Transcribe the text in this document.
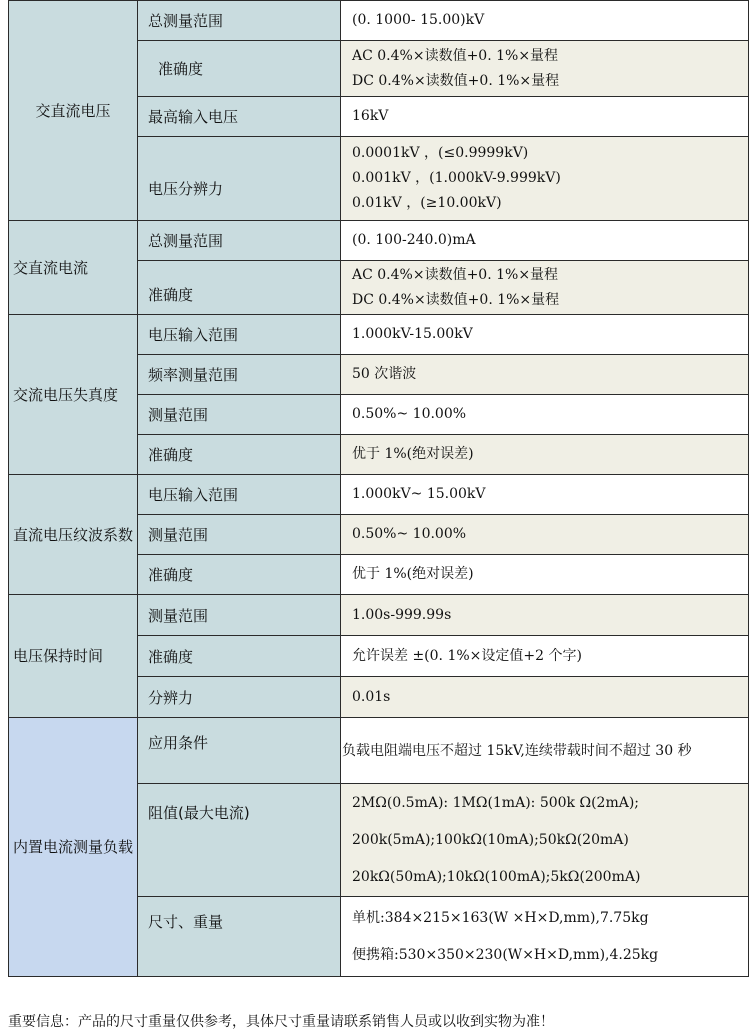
交直流电压	总测量范围	(0. 1000- 15.00)kV

	准确度	AC 0.4%×读数值+0. 1%×量程
DC 0.4%×读数值+0. 1%×量程

	最高输入电压	16kV

	电压分辨力	0.0001kV ，(≤0.9999kV)
0.001kV ，(1.000kV-9.999kV)
0.01kV ，(≥10.00kV)

交直流电流	总测量范围	(0. 100-240.0)mA

	准确度	AC 0.4%×读数值+0. 1%×量程
DC 0.4%×读数值+0. 1%×量程

交流电压失真度	电压输入范围	1.000kV-15.00kV

	频率测量范围	50 次谐波

	测量范围	0.50%~ 10.00%

	准确度	优于 1%(绝对误差)

直流电压纹波系数	电压输入范围	1.000kV~ 15.00kV

	测量范围	0.50%~ 10.00%

	准确度	优于 1%(绝对误差)

电压保持时间	测量范围	1.00s-999.99s

	准确度	允许误差 ±(0. 1%×设定值+2 个字)

	分辨力	0.01s

内置电流测量负载	应用条件	负载电阻端电压不超过 15kV,连续带载时间不超过 30 秒

	阻值(最大电流)	2MΩ(0.5mA): 1MΩ(1mA): 500k Ω(2mA);
200k(5mA);100kΩ(10mA);50kΩ(20mA)
20kΩ(50mA);10kΩ(100mA);5kΩ(200mA)

	尺寸、重量	单机:384×215×163(W ×H×D,mm),7.75kg
便携箱:530×350×230(W×H×D,mm),4.25kg
重要信息：产品的尺寸重量仅供参考，具体尺寸重量请联系销售人员或以收到实物为准！
